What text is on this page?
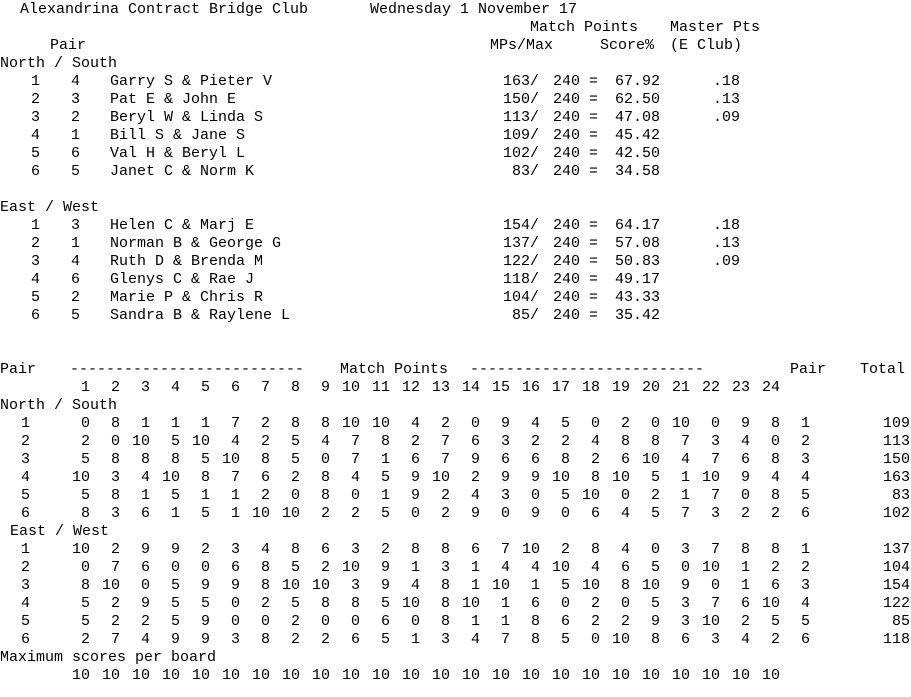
Alexandrina Contract Bridge Club	Wednesday 1 November 17
Match Points Master Pts
Pair	MPs/Max	Score% (E Club)
North / South
1	4 Garry S & Pieter V	163 / 240 =	67.92	.18
2	3 Pat E & John E	150 / 240 =	62.50	.13
3	2 Beryl W & Linda S	113 / 240 =	47.08	.09
4	1 Bill S & Jane S	109 / 240 =	45.42
5	6 Val H & Beryl L	102 / 240 =	42.50
6	5 Janet C & Norm K	83 / 240 =	34.58
East / West
1	3 Helen C & Marj E	154 / 240 =	64.17	.18
2	1 Norman B & George G	137 / 240 =	57.08	.13
3	4 Ruth D & Brenda M	122 / 240 =	50.83	.09
4	6 Glenys C & Rae J	118 / 240 =	49.17
5	2 Marie P & Chris R	104 / 240 =	43.33
6	5 Sandra B & Raylene L	85 / 240 =	35.42
Pair -------------------------- Match Points --------------------------	Pair Total
1	2	3	4	5	6	7	8	9 10 11 12 13 14 15 16 17 18 19 20 21 22 23 24
North / South
1	0	8	1	1	1	7	2	8	8 10 10	4	2	0	9	4	5	0	2	0 10	0	9	8	1	109
2	2	0 10	5 10	4	2	5	4	7	8	2	7	6	3	2	2	4	8	8	7	3	4	0	2	113
3	5	8	8	8	5 10	8	5	0	7	1	6	7	9	6	6	8	2	6 10	4	7	6	8	3	150
4	10	3	4 10	8	7	6	2	8	4	5	9 10	2	9	9 10	8 10	5	1 10	9	4	4	163
5	5	8	1	5	1	1	2	0	8	0	1	9	2	4	3	0	5 10	0	2	1	7	0	8	5	83
6	8	3	6	1	5	1 10 10	2	2	5	0	2	9	0	9	0	6	4	5	7	3	2	2	6	102
East / West
1	10	2	9	9	2	3	4	8	6	3	2	8	8	6	7 10	2	8	4	0	3	7	8	8	1	137
2	0	7	6	0	0	6	8	5	2 10	9	1	3	1	4	4 10	4	6	5	0 10	1	2	2	104
3	8 10	0	5	9	9	8 10 10	3	9	4	8	1 10	1	5 10	8 10	9	0	1	6	3	154
4	5	2	9	5	5	0	2	5	8	8	5 10	8 10	1	6	0	2	0	5	3	7	6 10	4	122
5	5	2	2	5	9	0	0	2	0	0	6	0	8	1	1	8	6	2	2	9	3 10	2	5	5	85
6	2	7	4	9	9	3	8	2	2	6	5	1	3	4	7	8	5	0 10	8	6	3	4	2	6	118
Maximum scores per board
10 10 10 10 10 10 10 10 10 10 10 10 10 10 10 10 10 10 10 10 10 10 10 10
